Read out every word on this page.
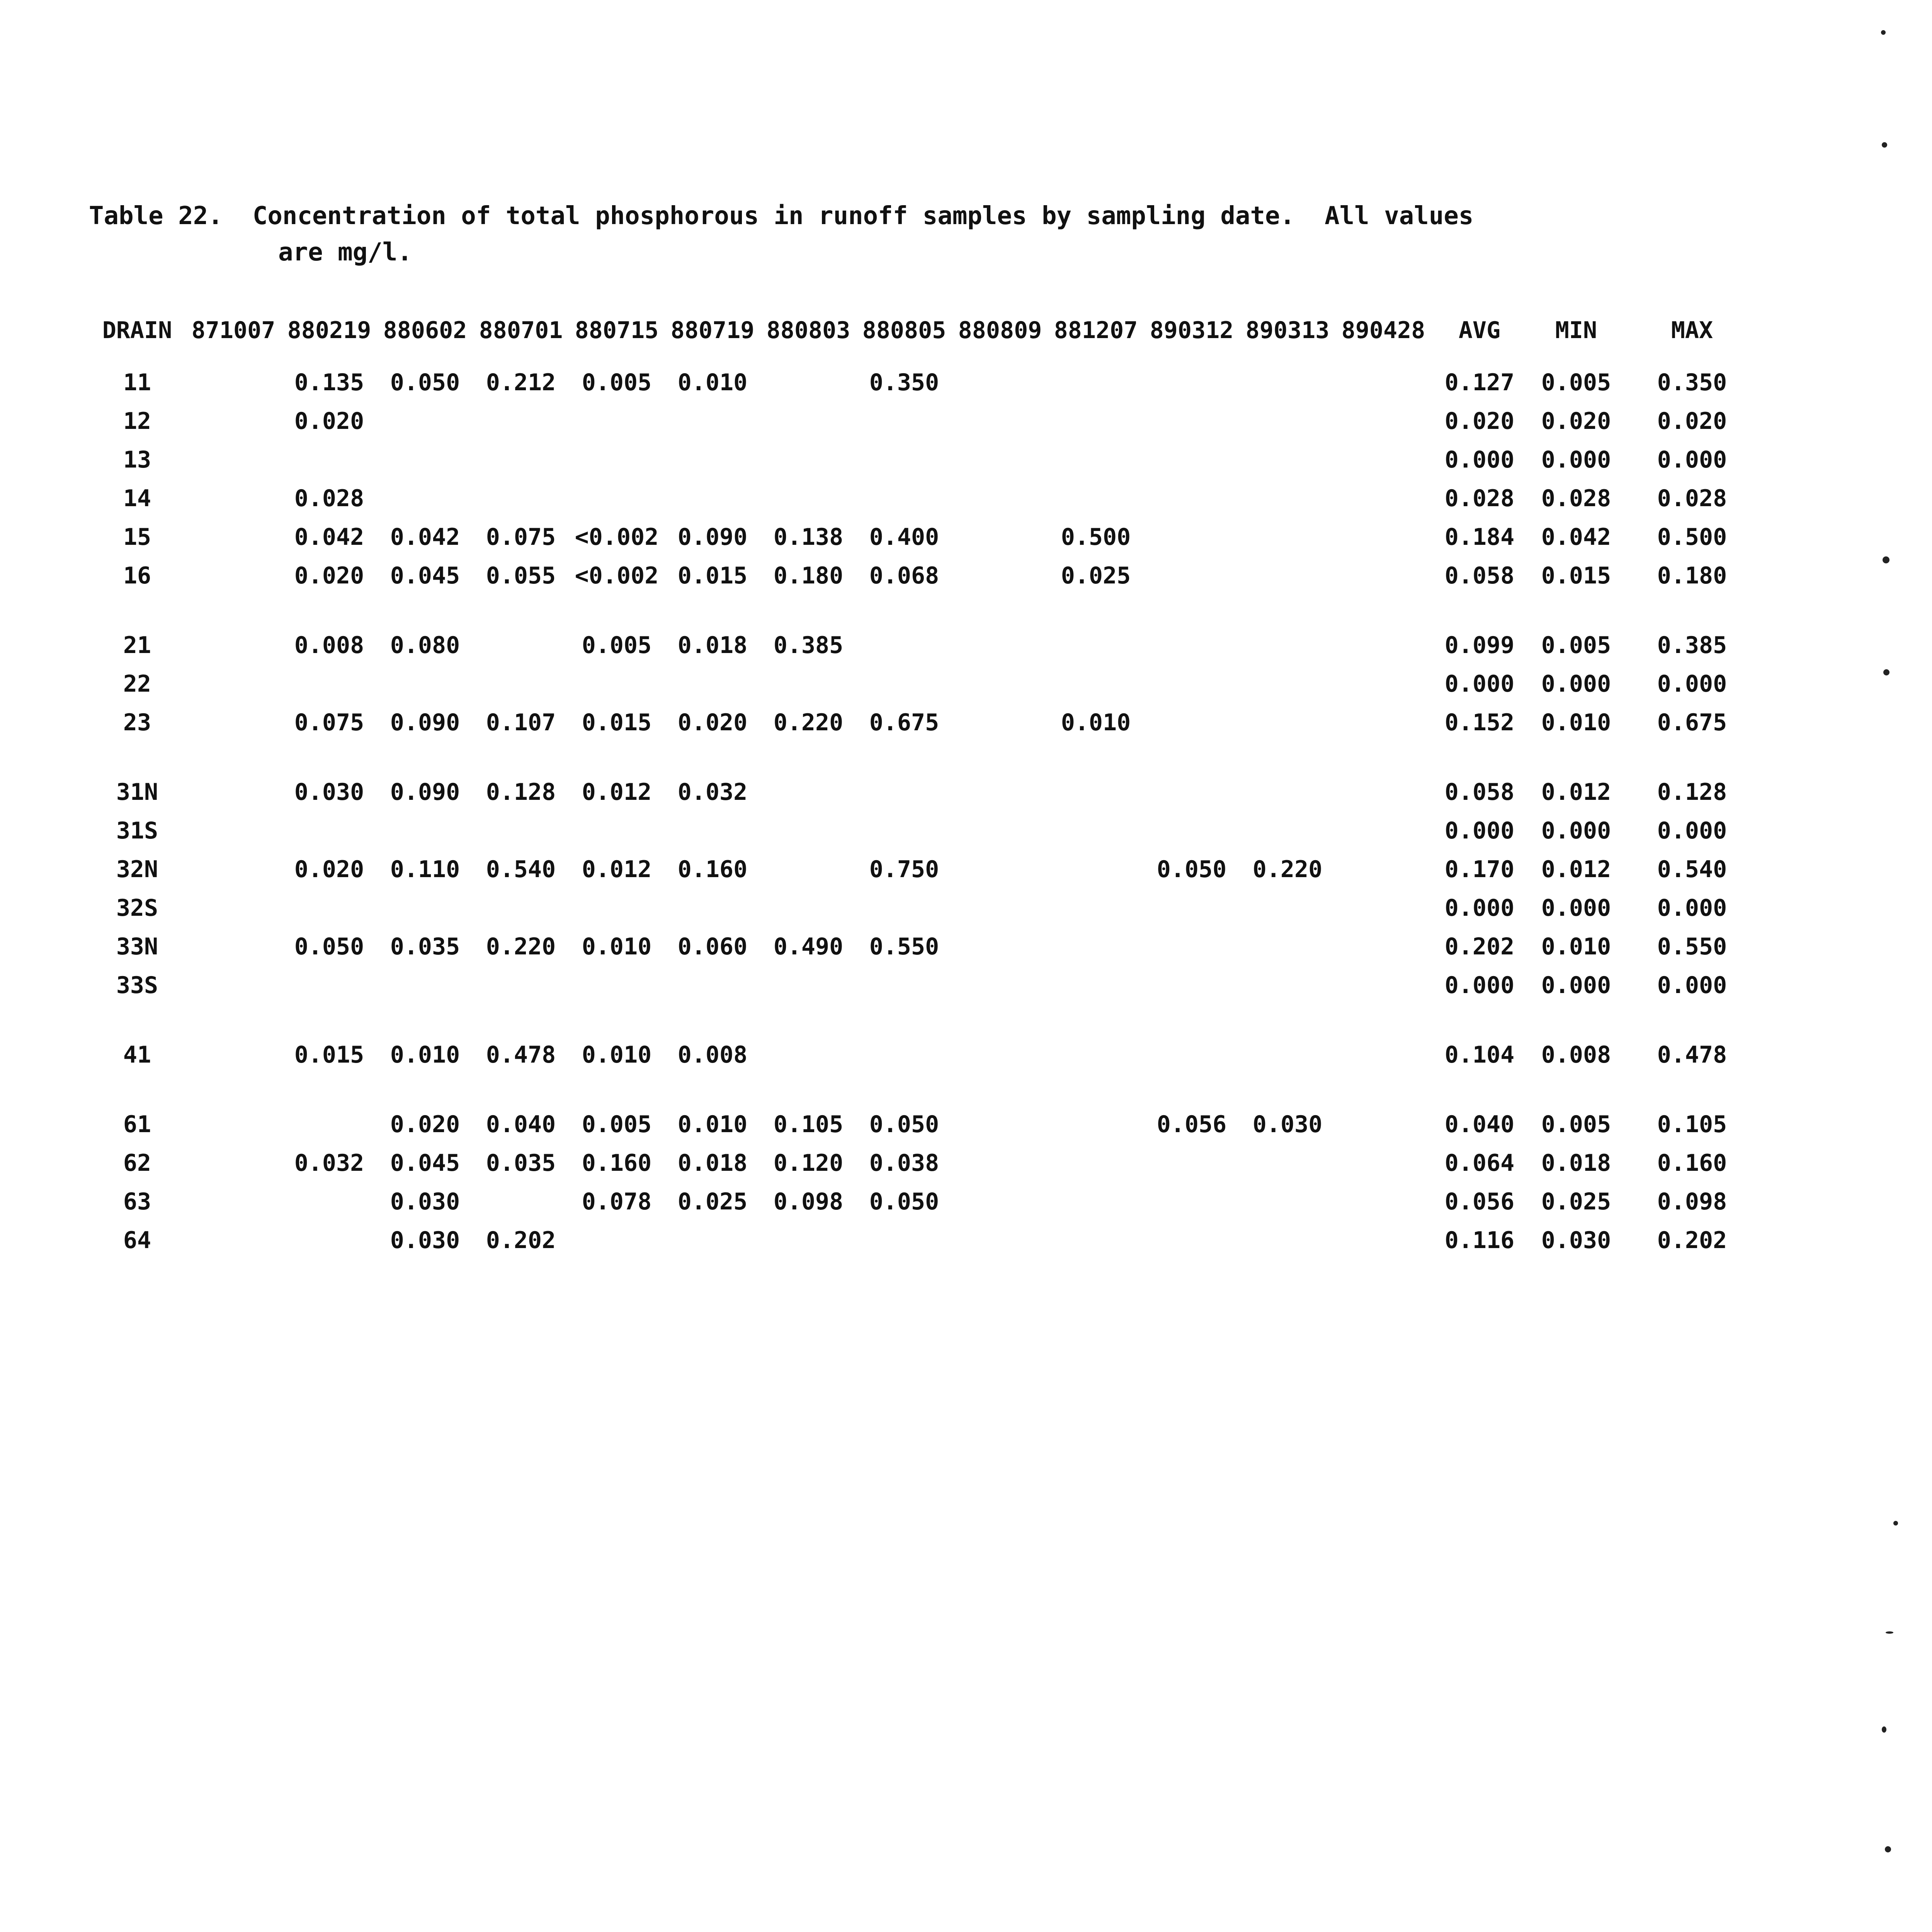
Table 22.  Concentration of total phosphorous in runoff samples by sampling date.  All values
are mg/l.
DRAIN	871007	880219	880602	880701	880715	880719	880803	880805	880809	881207	890312	890313	890428	AVG	MIN	MAX
11		0.135	0.050	0.212	0.005	0.010		0.350						0.127	0.005	0.350
12		0.020												0.020	0.020	0.020
13														0.000	0.000	0.000
14		0.028												0.028	0.028	0.028
15		0.042	0.042	0.075	<0.002	0.090	0.138	0.400		0.500				0.184	0.042	0.500
16		0.020	0.045	0.055	<0.002	0.015	0.180	0.068		0.025				0.058	0.015	0.180

21		0.008	0.080		0.005	0.018	0.385							0.099	0.005	0.385
22														0.000	0.000	0.000
23		0.075	0.090	0.107	0.015	0.020	0.220	0.675		0.010				0.152	0.010	0.675

31N		0.030	0.090	0.128	0.012	0.032								0.058	0.012	0.128
31S														0.000	0.000	0.000
32N		0.020	0.110	0.540	0.012	0.160		0.750			0.050	0.220		0.170	0.012	0.540
32S														0.000	0.000	0.000
33N		0.050	0.035	0.220	0.010	0.060	0.490	0.550						0.202	0.010	0.550
33S														0.000	0.000	0.000

41		0.015	0.010	0.478	0.010	0.008								0.104	0.008	0.478

61			0.020	0.040	0.005	0.010	0.105	0.050			0.056	0.030		0.040	0.005	0.105
62		0.032	0.045	0.035	0.160	0.018	0.120	0.038						0.064	0.018	0.160
63			0.030		0.078	0.025	0.098	0.050						0.056	0.025	0.098
64			0.030	0.202										0.116	0.030	0.202
